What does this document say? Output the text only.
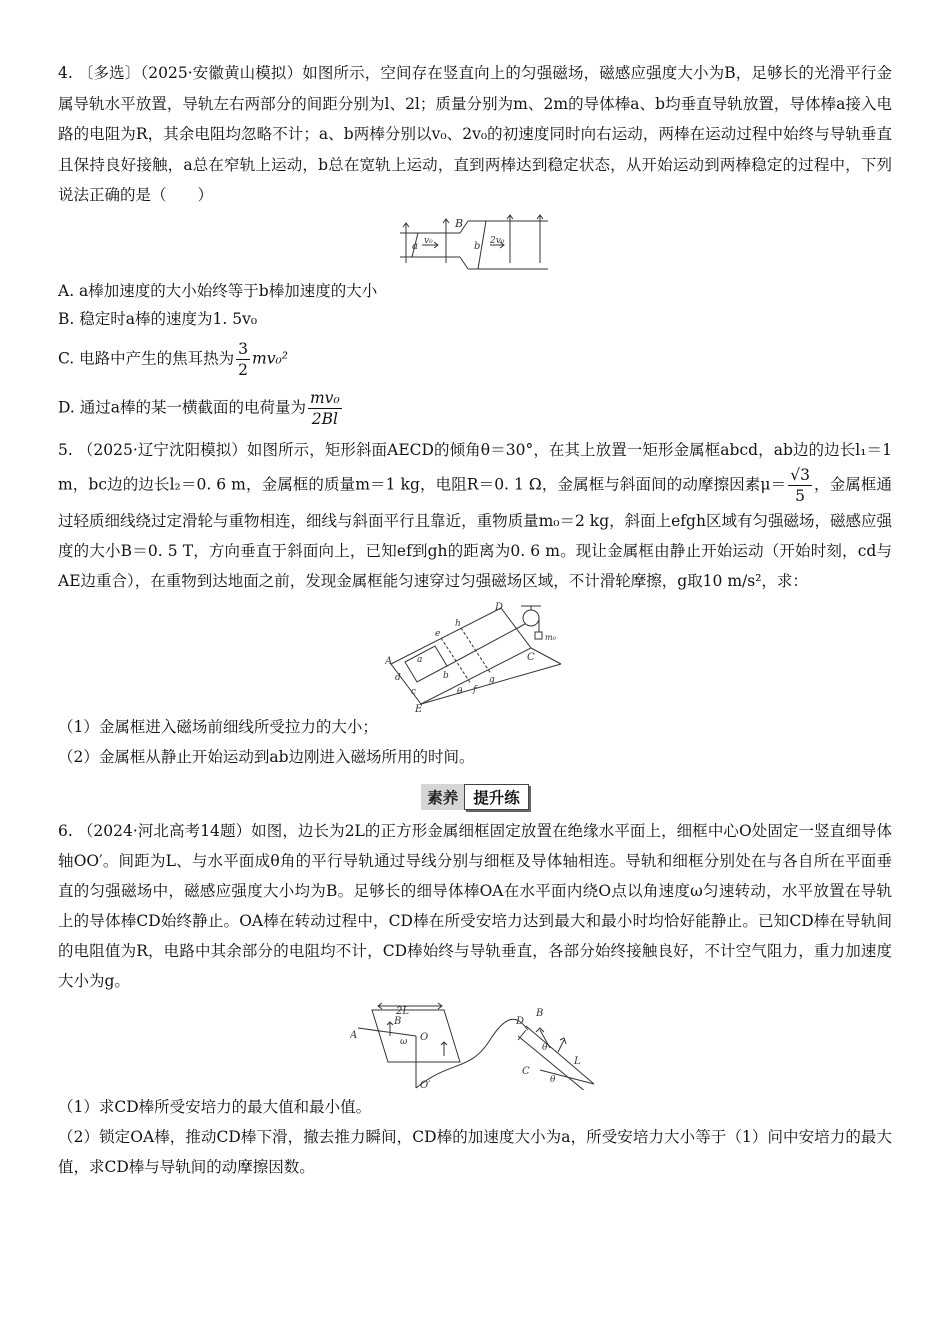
4. 〔多选〕（2025·安徽黄山模拟）如图所示，空间存在竖直向上的匀强磁场，磁感应强度大小为B，足够长的光滑平行金属导轨水平放置，导轨左右两部分的间距分别为l、2l；质量分别为m、2m的导体棒a、b均垂直导轨放置，导体棒a接入电路的电阻为R，其余电阻均忽略不计；a、b两棒分别以v₀、2v₀的初速度同时向右运动，两棒在运动过程中始终与导轨垂直且保持良好接触，a总在窄轨上运动，b总在宽轨上运动，直到两棒达到稳定状态，从开始运动到两棒稳定的过程中，下列说法正确的是（　　）

B
a	b
v₀	2v₀

A. a棒加速度的大小始终等于b棒加速度的大小

B. 稳定时a棒的速度为1. 5v₀

C. 电路中产生的焦耳热为 $\frac{3}{2} mv_0^2$

D. 通过a棒的某一横截面的电荷量为 $\frac{\text{mv₀}}{2Bl}$

5. （2025·辽宁沈阳模拟）如图所示，矩形斜面AECD的倾角θ＝30°，在其上放置一矩形金属框abcd，ab边的边长l₁＝1 m，bc边的边长l₂＝0. 6 m，金属框的质量m＝1 kg，电阻R＝0. 1 Ω，金属框与斜面间的动摩擦因素$\mu= \frac{√3}{5}$ ，金属框通过轻质细线绕过定滑轮与重物相连，细线与斜面平行且靠近，重物质量m₀＝2 kg，斜面上efgh区域有匀强磁场，磁感应强度的大小B＝0. 5 T，方向垂直于斜面向上，已知ef到gh的距离为0. 6 m。现让金属框由静止开始运动（开始时刻，cd与AE边重合），在重物到达地面之前，发现金属框能匀速穿过匀强磁场区域，不计滑轮摩擦，g取10 m/s²，求：

A
D
C
E
a
b
c
d
e
f
g
h
θ
m₀

（1）金属框进入磁场前细线所受拉力的大小；

（2）金属框从静止开始运动到ab边刚进入磁场所用的时间。

素养 提升练

6. （2024·河北高考14题）如图，边长为2L的正方形金属细框固定放置在绝缘水平面上，细框中心O处固定一竖直细导体轴OO′。间距为L、与水平面成θ角的平行导轨通过导线分别与细框及导体轴相连。导轨和细框分别处在与各自所在平面垂直的匀强磁场中，磁感应强度大小均为B。足够长的细导体棒OA在水平面内绕O点以角速度ω匀速转动，水平放置在导轨上的导体棒CD始终静止。OA棒在转动过程中，CD棒在所受安培力达到最大和最小时均恰好能静止。已知CD棒在导轨间的电阻值为R，电路中其余部分的电阻均不计，CD棒始终与导轨垂直，各部分始终接触良好，不计空气阻力，重力加速度大小为g。

2L
A
B
O
ω
O′
D
C
B
L
θ
θ

（1）求CD棒所受安培力的最大值和最小值。

（2）锁定OA棒，推动CD棒下滑，撤去推力瞬间，CD棒的加速度大小为a，所受安培力大小等于（1）问中安培力的最大值，求CD棒与导轨间的动摩擦因数。
